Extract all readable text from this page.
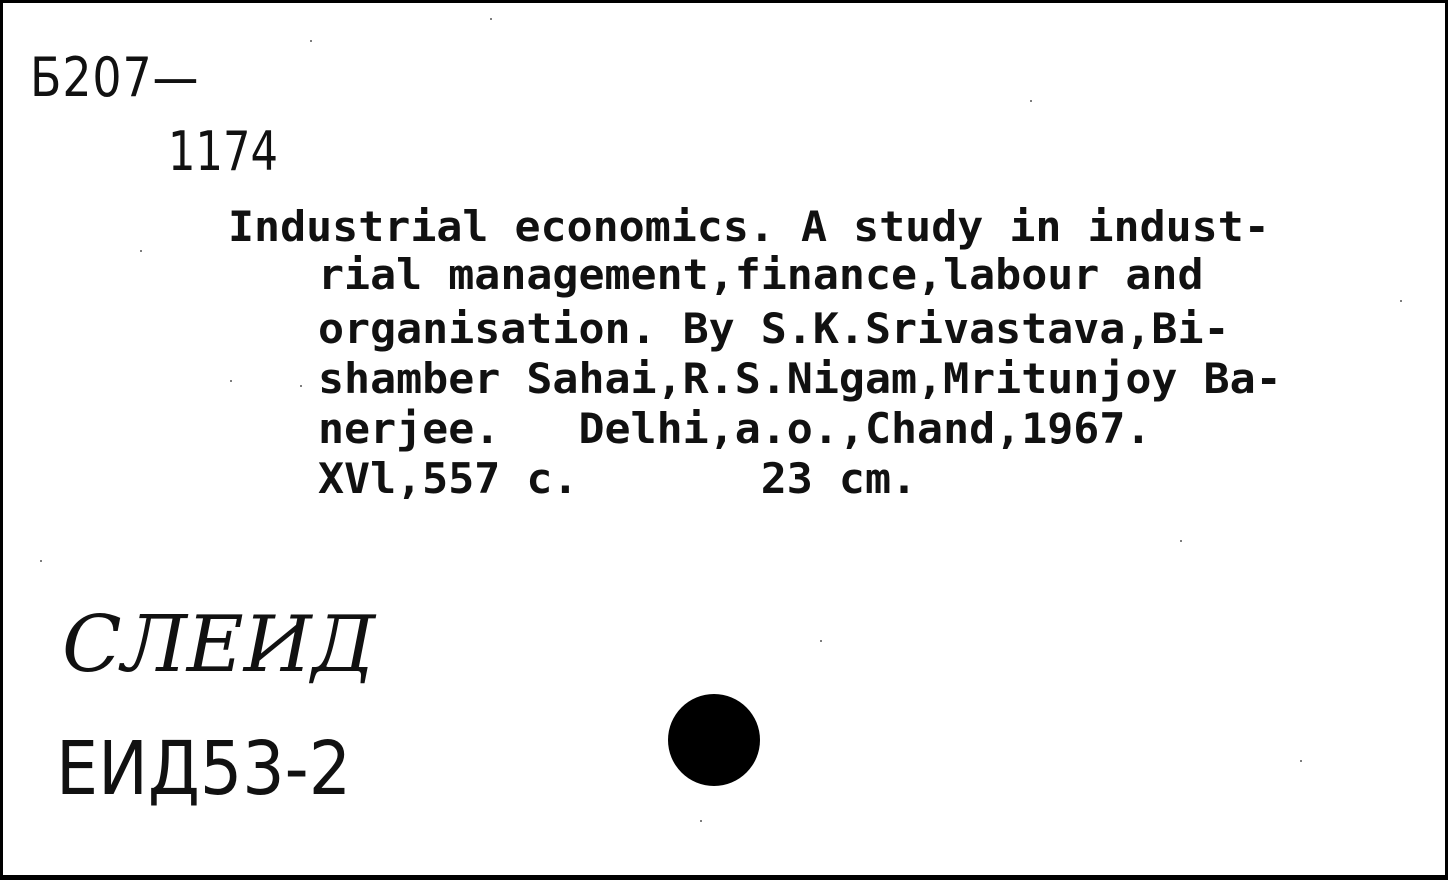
Б207—
1174
Industrial economics. A study in indust-
rial management,finance,labour and
organisation. By S.K.Srivastava,Bi-
shamber Sahai,R.S.Nigam,Mritunjoy Ba-
nerjee.   Delhi,a.o.,Chand,1967.
XVl,557 c.       23 cm.
СЛЕИД
ЕИД53-2
